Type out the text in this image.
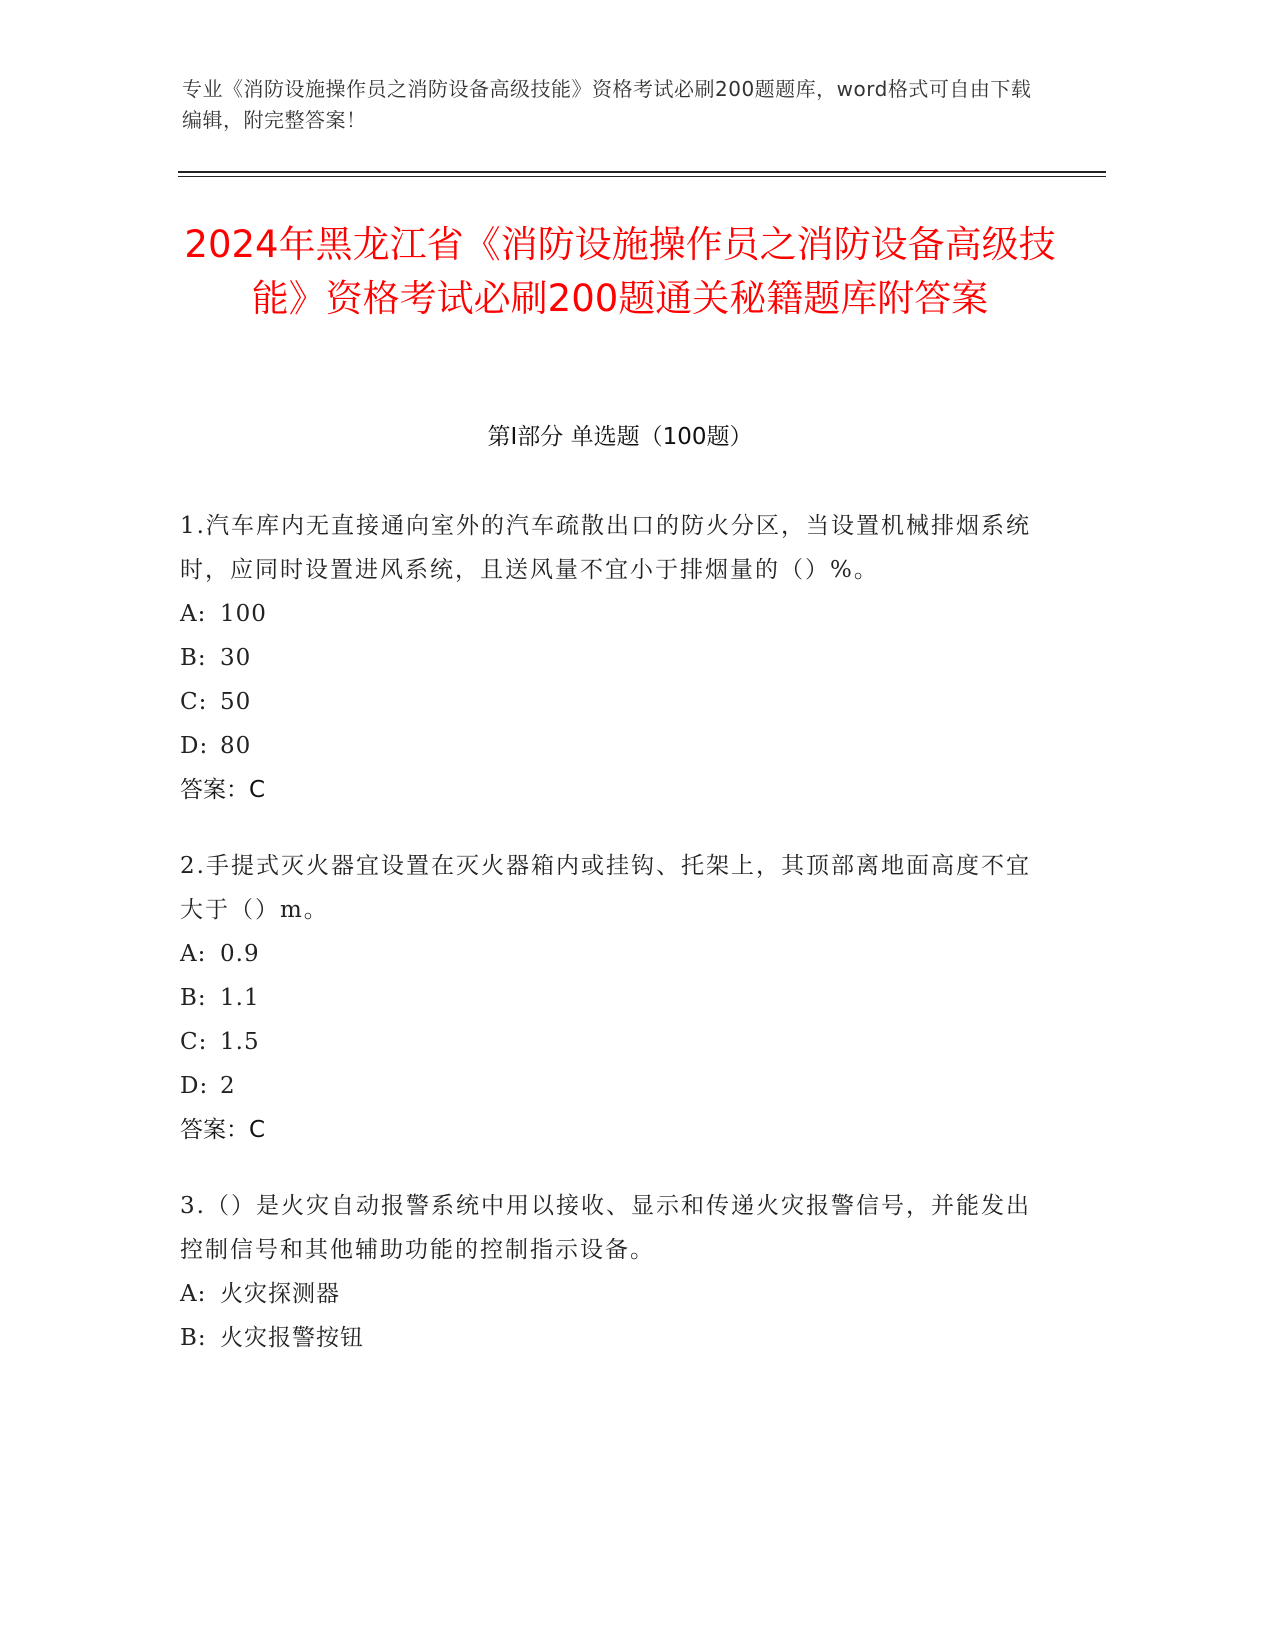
专业《消防设施操作员之消防设备高级技能》资格考试必刷200题题库，word格式可自由下载编辑，附完整答案！
2024年黑龙江省《消防设施操作员之消防设备高级技能》资格考试必刷200题通关秘籍题库附答案
第Ⅰ部分 单选题（100题）
1.汽车库内无直接通向室外的汽车疏散出口的防火分区，当设置机械排烟系统时，应同时设置进风系统，且送风量不宜小于排烟量的（）%。
A: 100
B: 30
C: 50
D: 80
答案：C
2.手提式灭火器宜设置在灭火器箱内或挂钩、托架上，其顶部离地面高度不宜大于（）m。
A: 0.9
B: 1.1
C: 1.5
D: 2
答案：C
3.（）是火灾自动报警系统中用以接收、显示和传递火灾报警信号，并能发出控制信号和其他辅助功能的控制指示设备。
A: 火灾探测器
B: 火灾报警按钮
